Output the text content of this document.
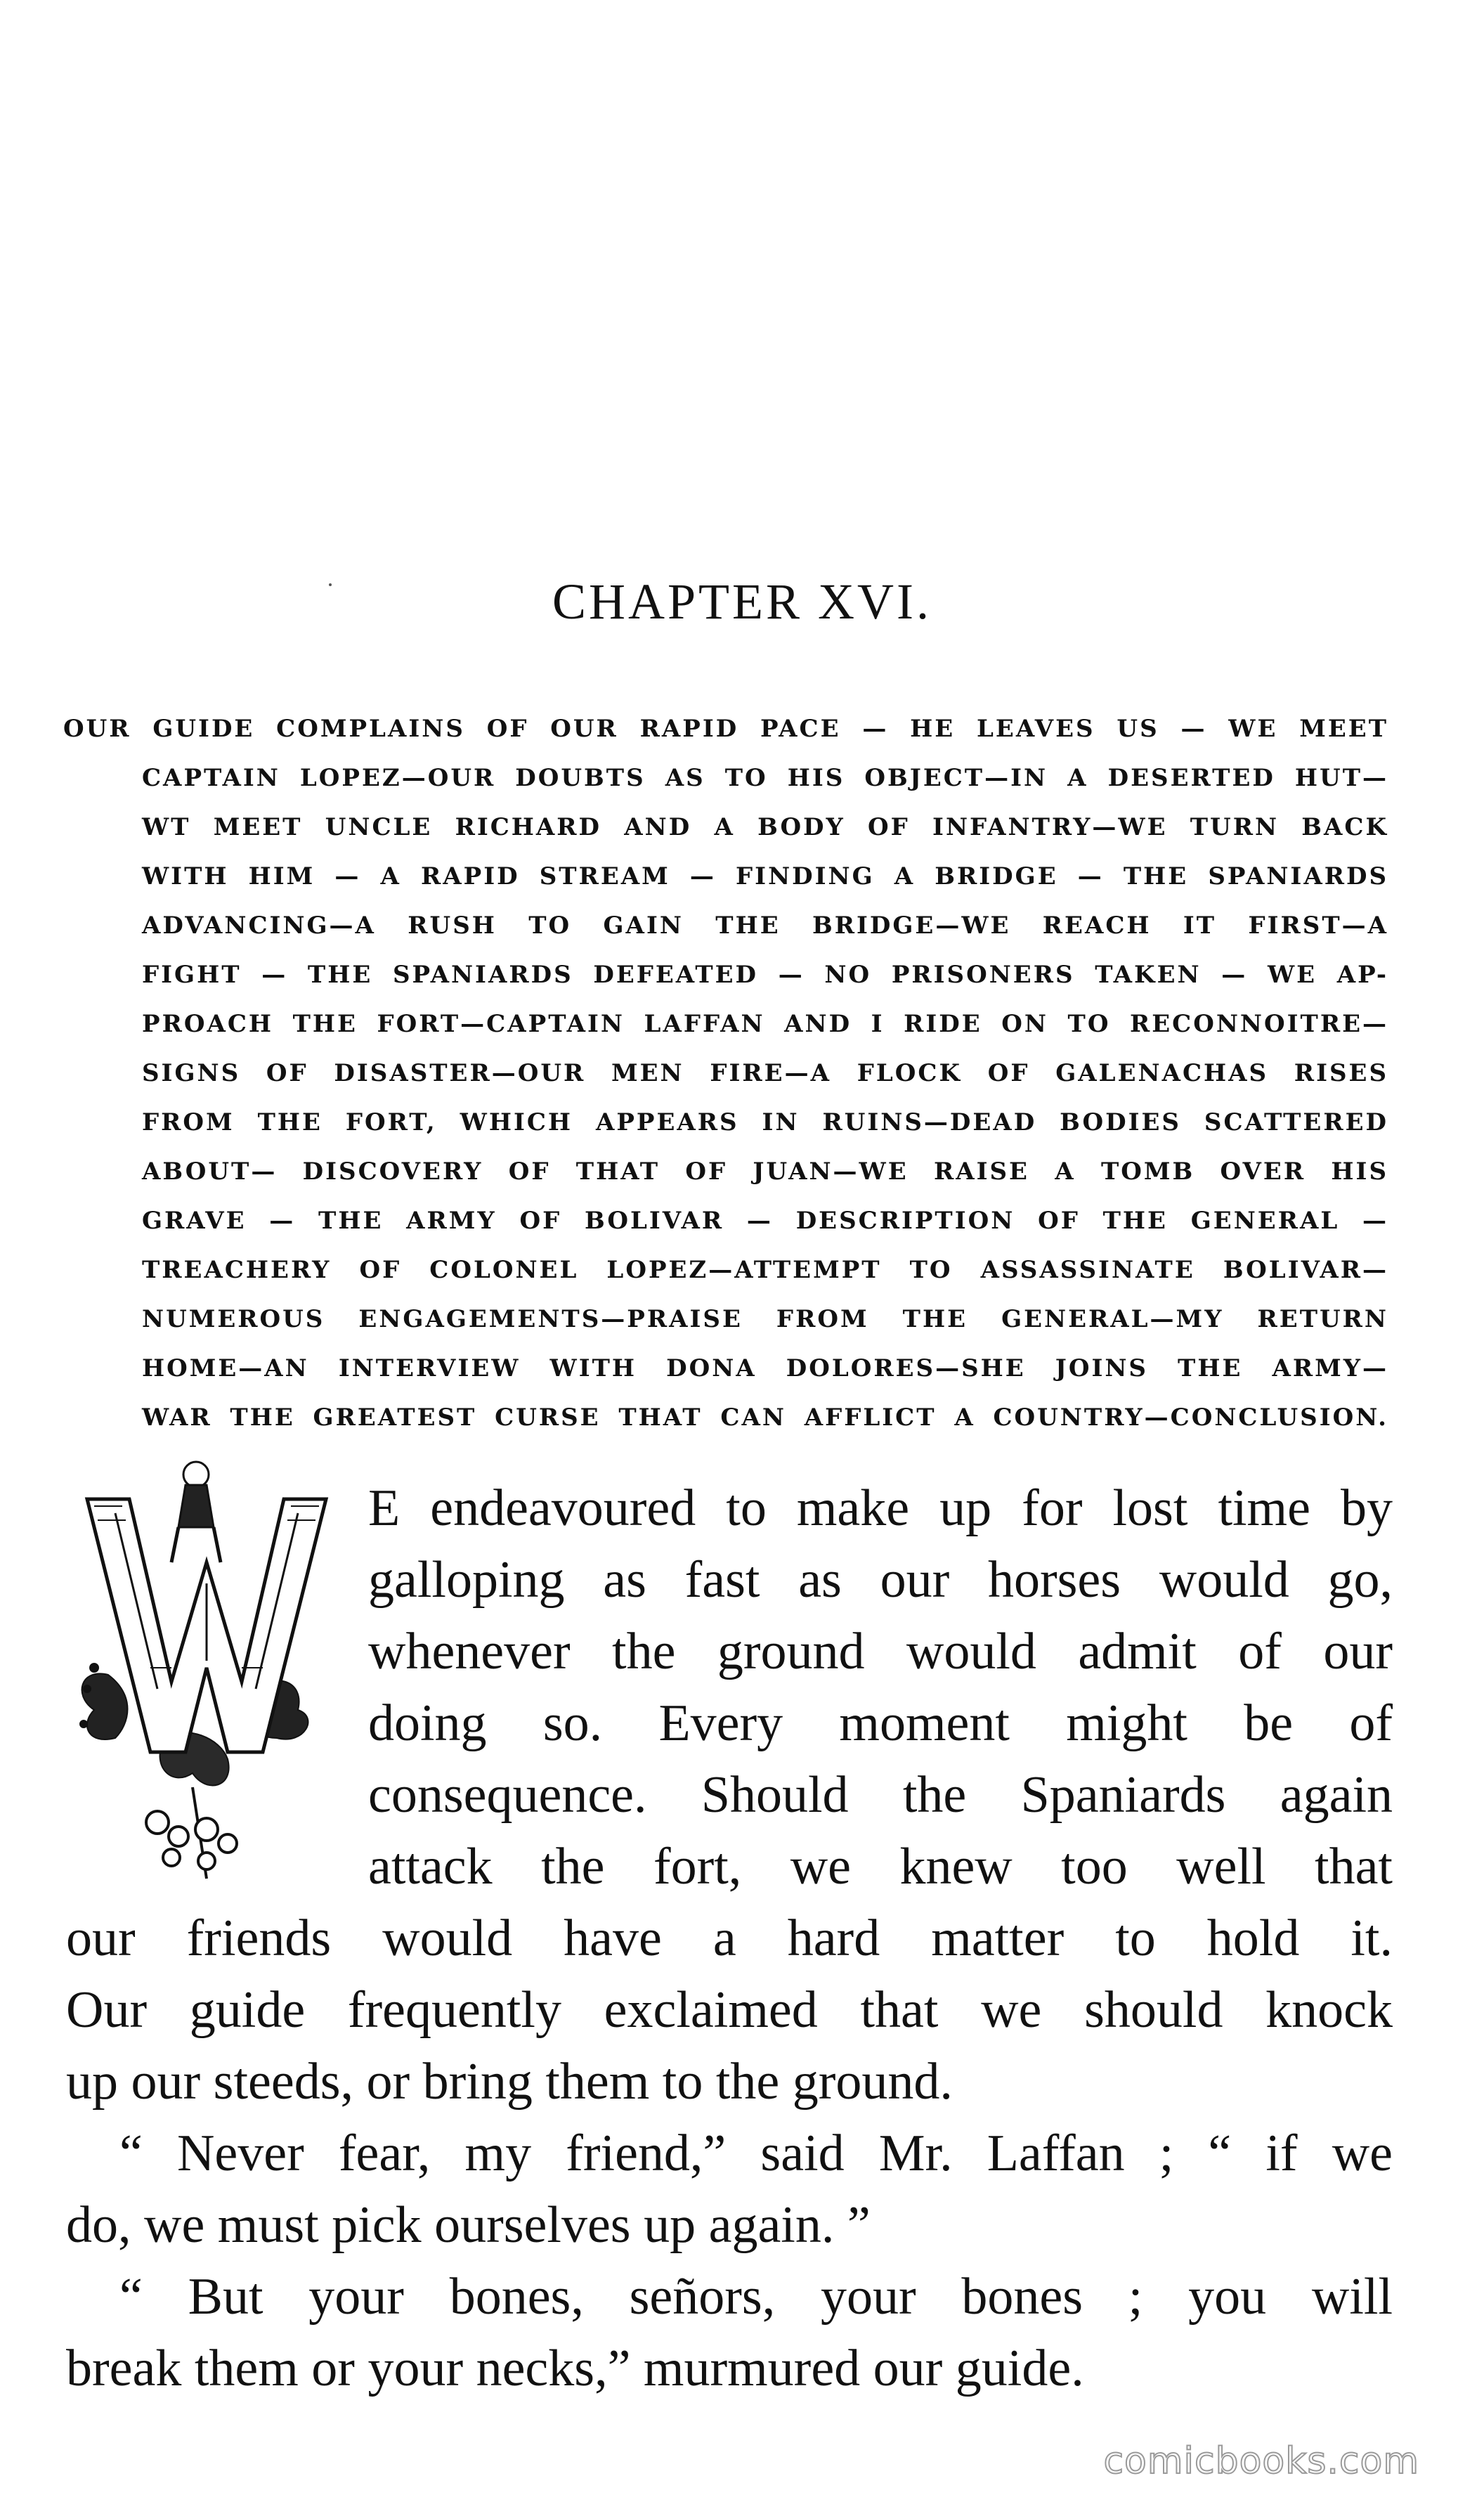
CHAPTER XVI.
OUR GUIDE COMPLAINS OF OUR RAPID PACE — HE LEAVES US — WE MEET
CAPTAIN LOPEZ—OUR DOUBTS AS TO HIS OBJECT—IN A DESERTED HUT—
WT MEET UNCLE RICHARD AND A BODY OF INFANTRY—WE TURN BACK
WITH HIM — A RAPID STREAM — FINDING A BRIDGE — THE SPANIARDS
ADVANCING—A RUSH TO GAIN THE BRIDGE—WE REACH IT FIRST—A
FIGHT — THE SPANIARDS DEFEATED — NO PRISONERS TAKEN — WE AP-
PROACH THE FORT—CAPTAIN LAFFAN AND I RIDE ON TO RECONNOITRE—
SIGNS OF DISASTER—OUR MEN FIRE—A FLOCK OF GALENACHAS RISES
FROM THE FORT, WHICH APPEARS IN RUINS—DEAD BODIES SCATTERED
ABOUT— DISCOVERY OF THAT OF JUAN—WE RAISE A TOMB OVER HIS
GRAVE — THE ARMY OF BOLIVAR — DESCRIPTION OF THE GENERAL —
TREACHERY OF COLONEL LOPEZ—ATTEMPT TO ASSASSINATE BOLIVAR—
NUMEROUS ENGAGEMENTS—PRAISE FROM THE GENERAL—MY RETURN
HOME—AN INTERVIEW WITH DONA DOLORES—SHE JOINS THE ARMY—
WAR THE GREATEST CURSE THAT CAN AFFLICT A COUNTRY—CONCLUSION.
E endeavoured to make up for lost time by
galloping as fast as our horses would go,
whenever the ground would admit of our
doing so. Every moment might be of
consequence. Should the Spaniards again
attack the fort, we knew too well that
our friends would have a hard matter to hold it.
Our guide frequently exclaimed that we should knock
up our steeds, or bring them to the ground.
“ Never fear, my friend,” said Mr. Laffan ; “ if we
do, we must pick ourselves up again. ”
“ But your bones, señors, your bones ; you will
break them or your necks,” murmured our guide.
comicbooks.com
